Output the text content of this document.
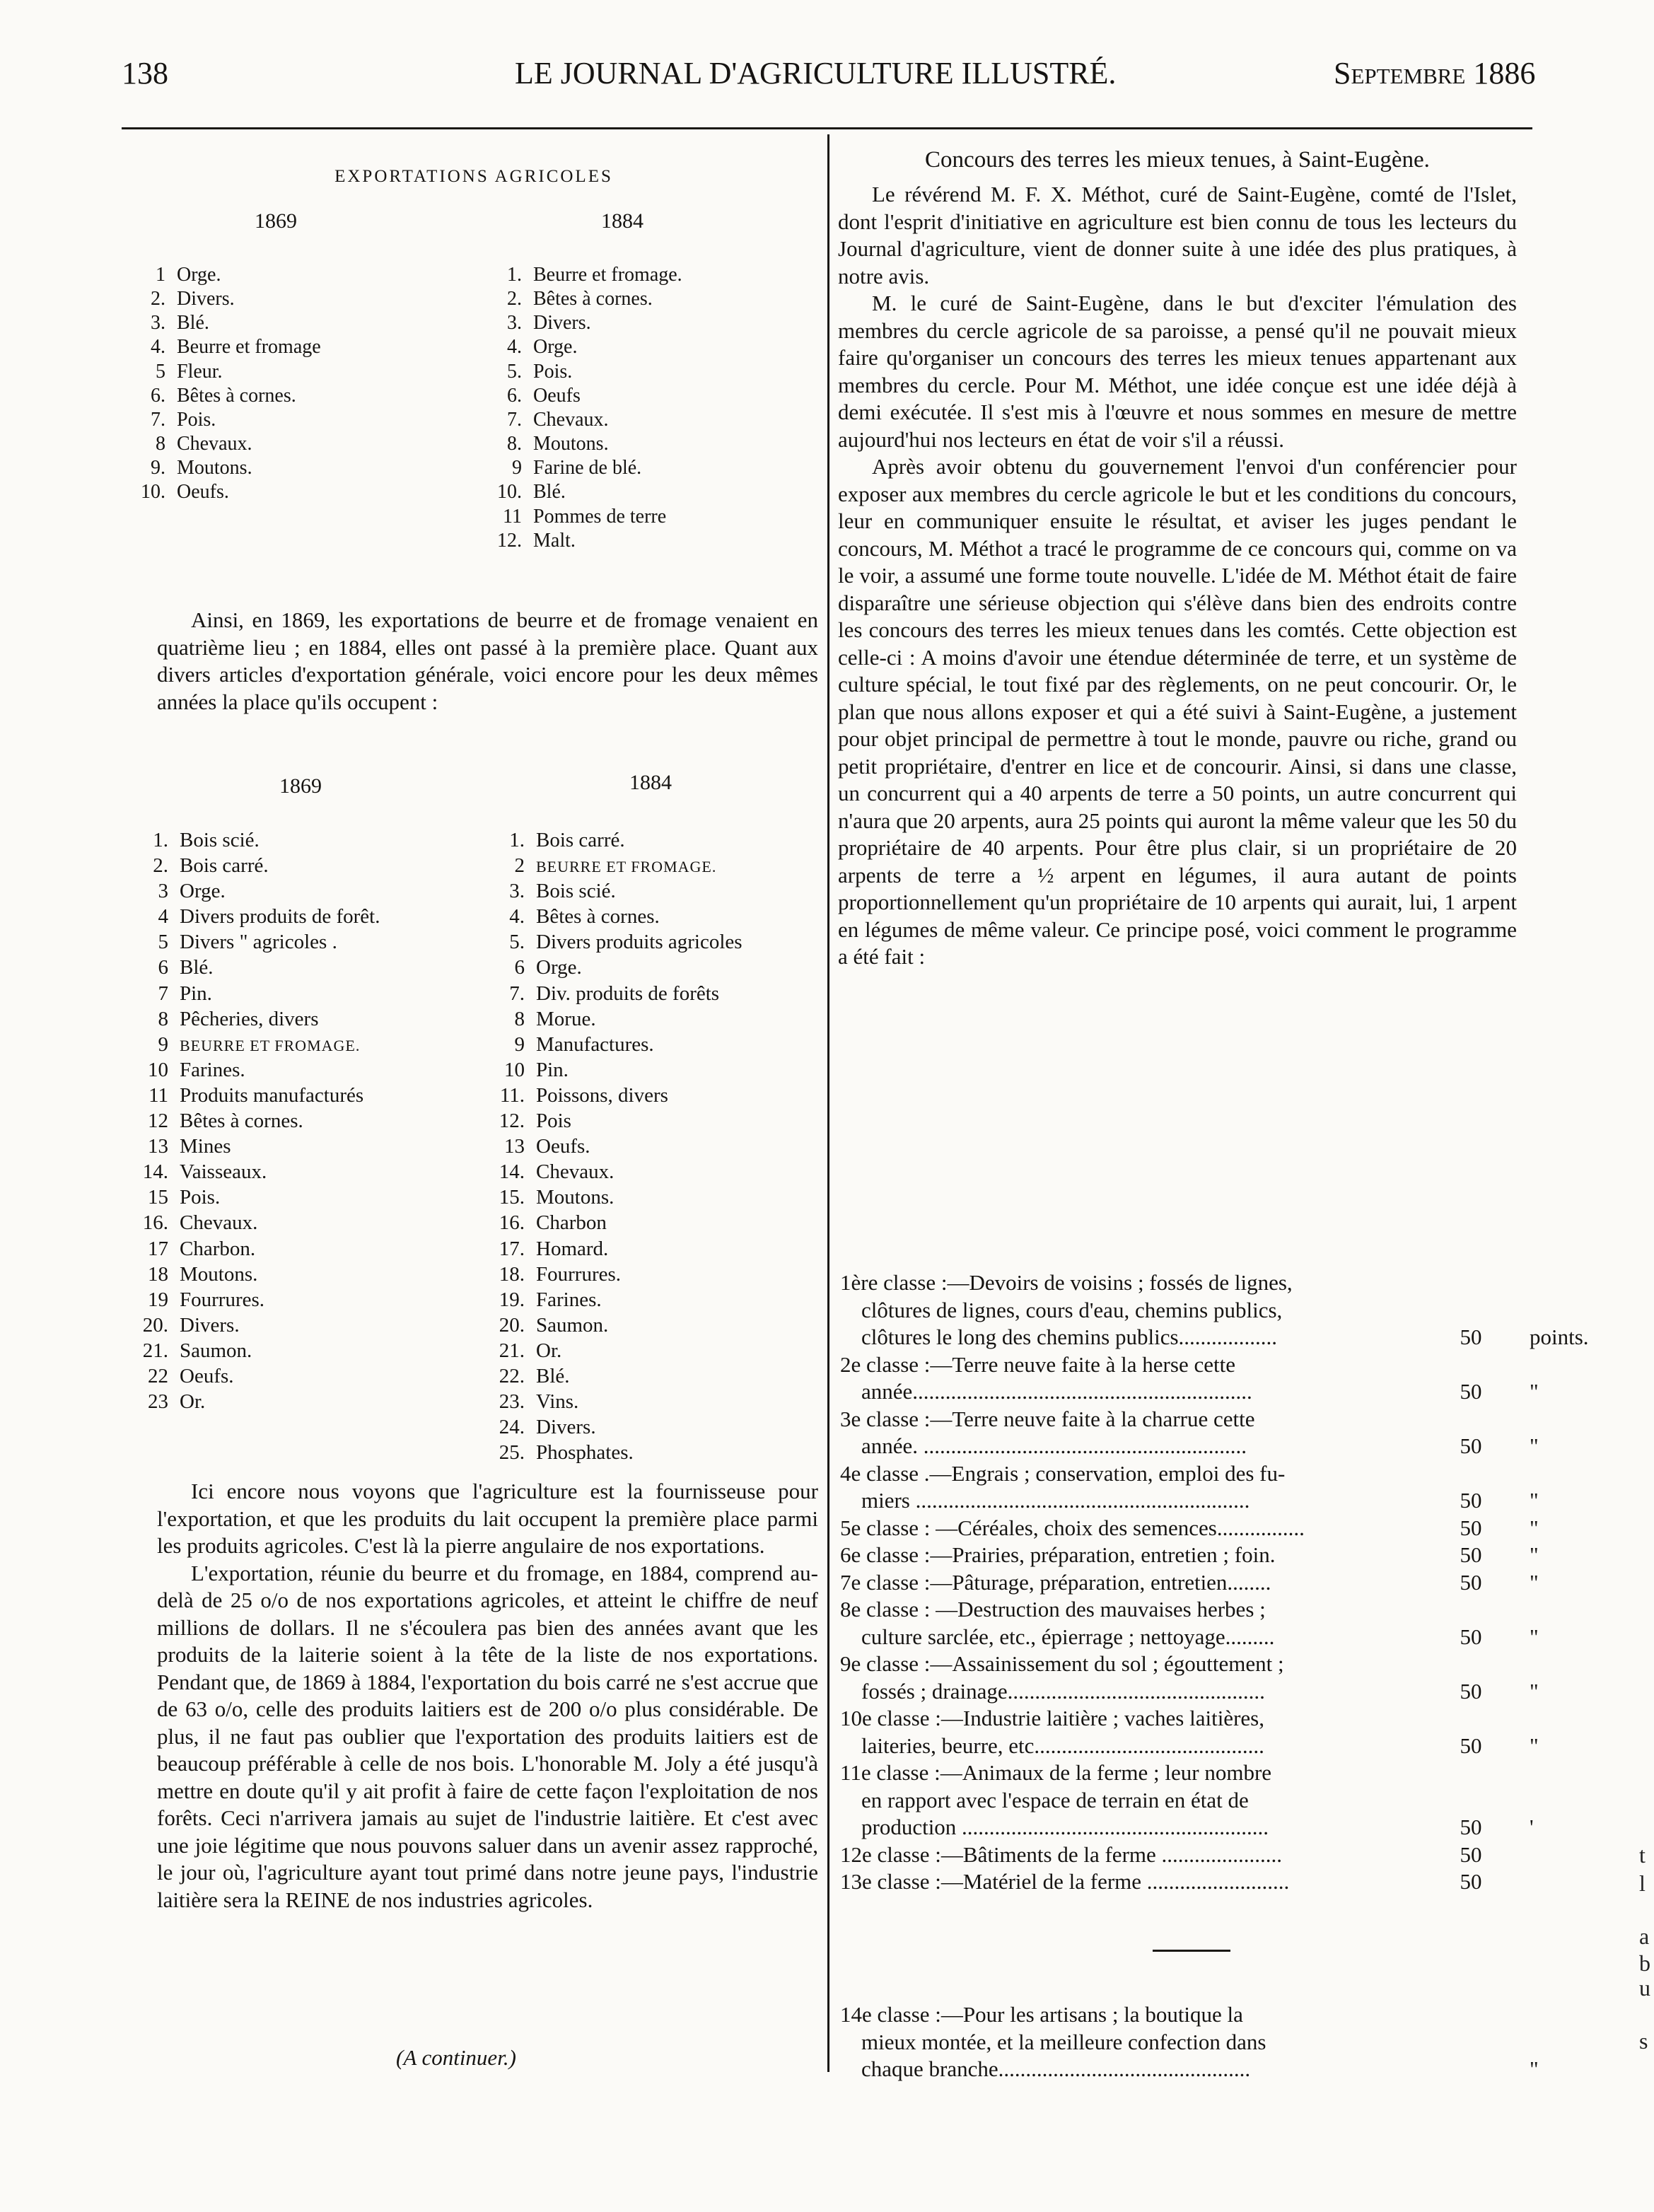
138	LE JOURNAL D'AGRICULTURE ILLUSTRÉ.	Septembre 1886
EXPORTATIONS AGRICOLES
1869	1884
1 Orge.
2. Divers.
3. Blé.
4. Beurre et fromage
5 Fleur.
6. Bêtes à cornes.
7. Pois.
8 Chevaux.
9. Moutons.
10. Oeufs.
1. Beurre et fromage.
2. Bêtes à cornes.
3. Divers.
4. Orge.
5. Pois.
6. Oeufs
7. Chevaux.
8. Moutons.
9 Farine de blé.
10. Blé.
11 Pommes de terre
12. Malt.

Ainsi, en 1869, les exportations de beurre et de fromage venaient en quatrième lieu ; en 1884, elles ont passé à la première place. Quant aux divers articles d'exportation générale, voici encore pour les deux mêmes années la place qu'ils occupent :

1869	1884
1. Bois scié.
2. Bois carré.
3 Orge.
4 Divers produits de forêt.
5 Divers " agricoles .
6 Blé.
7 Pin.
8 Pêcheries, divers
9 BEURRE ET FROMAGE.
10 Farines.
11 Produits manufacturés
12 Bêtes à cornes.
13 Mines
14. Vaisseaux.
15 Pois.
16. Chevaux.
17 Charbon.
18 Moutons.
19 Fourrures.
20. Divers.
21. Saumon.
22 Oeufs.
23 Or.
1. Bois carré.
2 BEURRE ET FROMAGE.
3. Bois scié.
4. Bêtes à cornes.
5. Divers produits agricoles
6 Orge.
7. Div. produits de forêts
8 Morue.
9 Manufactures.
10 Pin.
11. Poissons, divers
12. Pois
13 Oeufs.
14. Chevaux.
15. Moutons.
16. Charbon
17. Homard.
18. Fourrures.
19. Farines.
20. Saumon.
21. Or.
22. Blé.
23. Vins.
24. Divers.
25. Phosphates.

Ici encore nous voyons que l'agriculture est la fournisseuse pour l'exportation, et que les produits du lait occupent la première place parmi les produits agricoles. C'est là la pierre angulaire de nos exportations.

L'exportation, réunie du beurre et du fromage, en 1884, comprend au-delà de 25 o/o de nos exportations agricoles, et atteint le chiffre de neuf millions de dollars. Il ne s'écoulera pas bien des années avant que les produits de la laiterie soient à la tête de la liste de nos exportations. Pendant que, de 1869 à 1884, l'exportation du bois carré ne s'est accrue que de 63 o/o, celle des produits laitiers est de 200 o/o plus considérable. De plus, il ne faut pas oublier que l'exportation des produits laitiers est de beaucoup préférable à celle de nos bois. L'honorable M. Joly a été jusqu'à mettre en doute qu'il y ait profit à faire de cette façon l'exploitation de nos forêts. Ceci n'arrivera jamais au sujet de l'industrie laitière. Et c'est avec une joie légitime que nous pouvons saluer dans un avenir assez rapproché, le jour où, l'agriculture ayant tout primé dans notre jeune pays, l'industrie laitière sera la REINE de nos industries agricoles.

(A continuer.)
Concours des terres les mieux tenues, à Saint-Eugène.

Le révérend M. F. X. Méthot, curé de Saint-Eugène, comté de l'Islet, dont l'esprit d'initiative en agriculture est bien connu de tous les lecteurs du Journal d'agriculture, vient de donner suite à une idée des plus pratiques, à notre avis.

M. le curé de Saint-Eugène, dans le but d'exciter l'émulation des membres du cercle agricole de sa paroisse, a pensé qu'il ne pouvait mieux faire qu'organiser un concours des terres les mieux tenues appartenant aux membres du cercle. Pour M. Méthot, une idée conçue est une idée déjà à demi exécutée. Il s'est mis à l'œuvre et nous sommes en mesure de mettre aujourd'hui nos lecteurs en état de voir s'il a réussi.

Après avoir obtenu du gouvernement l'envoi d'un conférencier pour exposer aux membres du cercle agricole le but et les conditions du concours, leur en communiquer ensuite le résultat, et aviser les juges pendant le concours, M. Méthot a tracé le programme de ce concours qui, comme on va le voir, a assumé une forme toute nouvelle. L'idée de M. Méthot était de faire disparaître une sérieuse objection qui s'élève dans bien des endroits contre les concours des terres les mieux tenues dans les comtés. Cette objection est celle-ci : A moins d'avoir une étendue déterminée de terre, et un système de culture spécial, le tout fixé par des règlements, on ne peut concourir. Or, le plan que nous allons exposer et qui a été suivi à Saint-Eugène, a justement pour objet principal de permettre à tout le monde, pauvre ou riche, grand ou petit propriétaire, d'entrer en lice et de concourir. Ainsi, si dans une classe, un concurrent qui a 40 arpents de terre a 50 points, un autre concurrent qui n'aura que 20 arpents, aura 25 points qui auront la même valeur que les 50 du propriétaire de 40 arpents. Pour être plus clair, si un propriétaire de 20 arpents de terre a ½ arpent en légumes, il aura autant de points proportionnellement qu'un propriétaire de 10 arpents qui aurait, lui, 1 arpent en légumes de même valeur. Ce principe posé, voici comment le programme a été fait :

1ère classe :—Devoirs de voisins ; fossés de lignes,
clôtures de lignes, cours d'eau, chemins publics,
clôtures le long des chemins publics..................	50	points.
2e classe :—Terre neuve faite à la herse cette
année..............................................................	50	"
3e classe :—Terre neuve faite à la charrue cette
année. ...........................................................	50	"
4e classe .—Engrais ; conservation, emploi des fu-
miers .............................................................	50	"
5e classe : —Céréales, choix des semences................	50	"
6e classe :—Prairies, préparation, entretien ; foin.	50	"
7e classe :—Pâturage, préparation, entretien........	50	"
8e classe : —Destruction des mauvaises herbes ;
culture sarclée, etc., épierrage ; nettoyage.........	50	"
9e classe :—Assainissement du sol ; égouttement ;
fossés ; drainage...............................................	50	"
10e classe :—Industrie laitière ; vaches laitières,
laiteries, beurre, etc..........................................	50	"
11e classe :—Animaux de la ferme ; leur nombre
en rapport avec l'espace de terrain en état de
production ........................................................	50	'
12e classe :—Bâtiments de la ferme ......................	50
13e classe :—Matériel de la ferme ..........................	50
14e classe :—Pour les artisans ; la boutique la
mieux montée, et la meilleure confection dans
chaque branche..............................................	"
t
l
a
b
u
s
